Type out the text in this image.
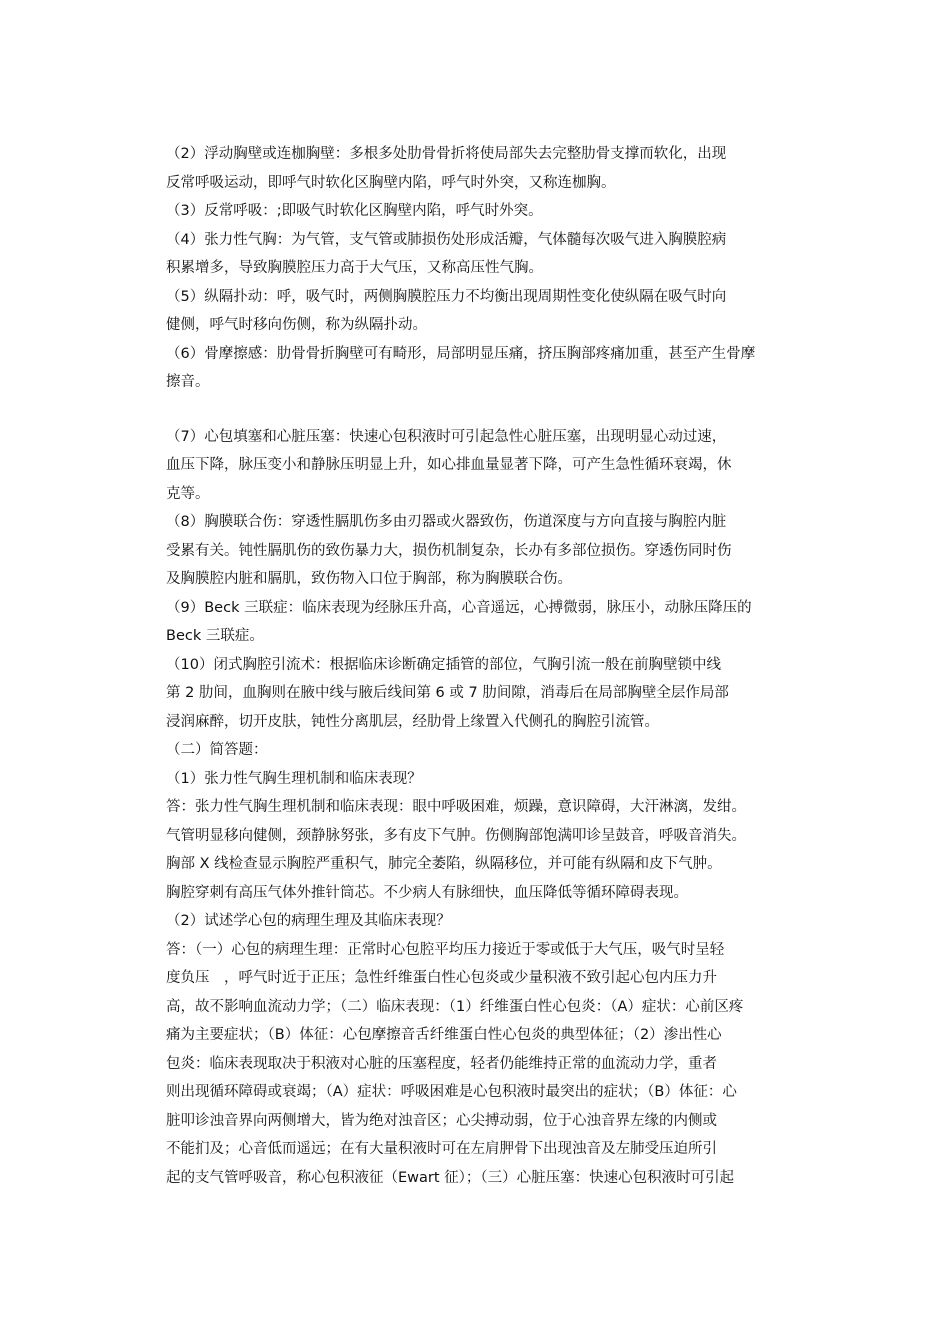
（2）浮动胸壁或连枷胸壁：多根多处肋骨骨折将使局部失去完整肋骨支撑而软化，出现
反常呼吸运动，即呼气时软化区胸壁内陷，呼气时外突，又称连枷胸。
（3）反常呼吸：;即吸气时软化区胸壁内陷，呼气时外突。
（4）张力性气胸：为气管，支气管或肺损伤处形成活瓣，气体髓每次吸气进入胸膜腔病
积累增多，导致胸膜腔压力高于大气压，又称高压性气胸。
（5）纵隔扑动：呼，吸气时，两侧胸膜腔压力不均衡出现周期性变化使纵隔在吸气时向
健侧，呼气时移向伤侧，称为纵隔扑动。
（6）骨摩擦感：肋骨骨折胸壁可有畸形，局部明显压痛，挤压胸部疼痛加重，甚至产生骨摩
擦音。
（7）心包填塞和心脏压塞：快速心包积液时可引起急性心脏压塞，出现明显心动过速，
血压下降，脉压变小和静脉压明显上升，如心排血量显著下降，可产生急性循环衰竭，休
克等。
（8）胸膜联合伤：穿透性膈肌伤多由刃器或火器致伤，伤道深度与方向直接与胸腔内脏
受累有关。钝性膈肌伤的致伤暴力大，损伤机制复杂，长办有多部位损伤。穿透伤同时伤
及胸膜腔内脏和膈肌，致伤物入口位于胸部，称为胸膜联合伤。
（9）Beck 三联症：临床表现为经脉压升高，心音遥远，心搏微弱，脉压小，动脉压降压的
Beck 三联症。
（10）闭式胸腔引流术：根据临床诊断确定插管的部位，气胸引流一般在前胸壁锁中线
第 2 肋间，血胸则在腋中线与腋后线间第 6 或 7 肋间隙，消毒后在局部胸壁全层作局部
浸润麻醉，切开皮肤，钝性分离肌层，经肋骨上缘置入代侧孔的胸腔引流管。
（二）简答题：
（1）张力性气胸生理机制和临床表现？
答：张力性气胸生理机制和临床表现：眼中呼吸困难，烦躁，意识障碍，大汗淋漓，发绀。
气管明显移向健侧，颈静脉努张，多有皮下气肿。伤侧胸部饱满叩诊呈鼓音，呼吸音消失。
胸部 X 线检查显示胸腔严重积气，肺完全萎陷，纵隔移位，并可能有纵隔和皮下气肿。
胸腔穿刺有高压气体外推针筒芯。不少病人有脉细快，血压降低等循环障碍表现。
（2）试述学心包的病理生理及其临床表现？
答：（一）心包的病理生理：正常时心包腔平均压力接近于零或低于大气压，吸气时呈轻
度负压　，呼气时近于正压；急性纤维蛋白性心包炎或少量积液不致引起心包内压力升
高，故不影响血流动力学；（二）临床表现：（1）纤维蛋白性心包炎：（A）症状：心前区疼
痛为主要症状；（B）体征：心包摩擦音舌纤维蛋白性心包炎的典型体征；（2）渗出性心
包炎：临床表现取决于积液对心脏的压塞程度，轻者仍能维持正常的血流动力学，重者
则出现循环障碍或衰竭；（A）症状：呼吸困难是心包积液时最突出的症状；（B）体征：心
脏叩诊浊音界向两侧增大，皆为绝对浊音区；心尖搏动弱，位于心浊音界左缘的内侧或
不能扪及；心音低而遥远；在有大量积液时可在左肩胛骨下出现浊音及左肺受压迫所引
起的支气管呼吸音，称心包积液征（Ewart 征）；（三）心脏压塞：快速心包积液时可引起
